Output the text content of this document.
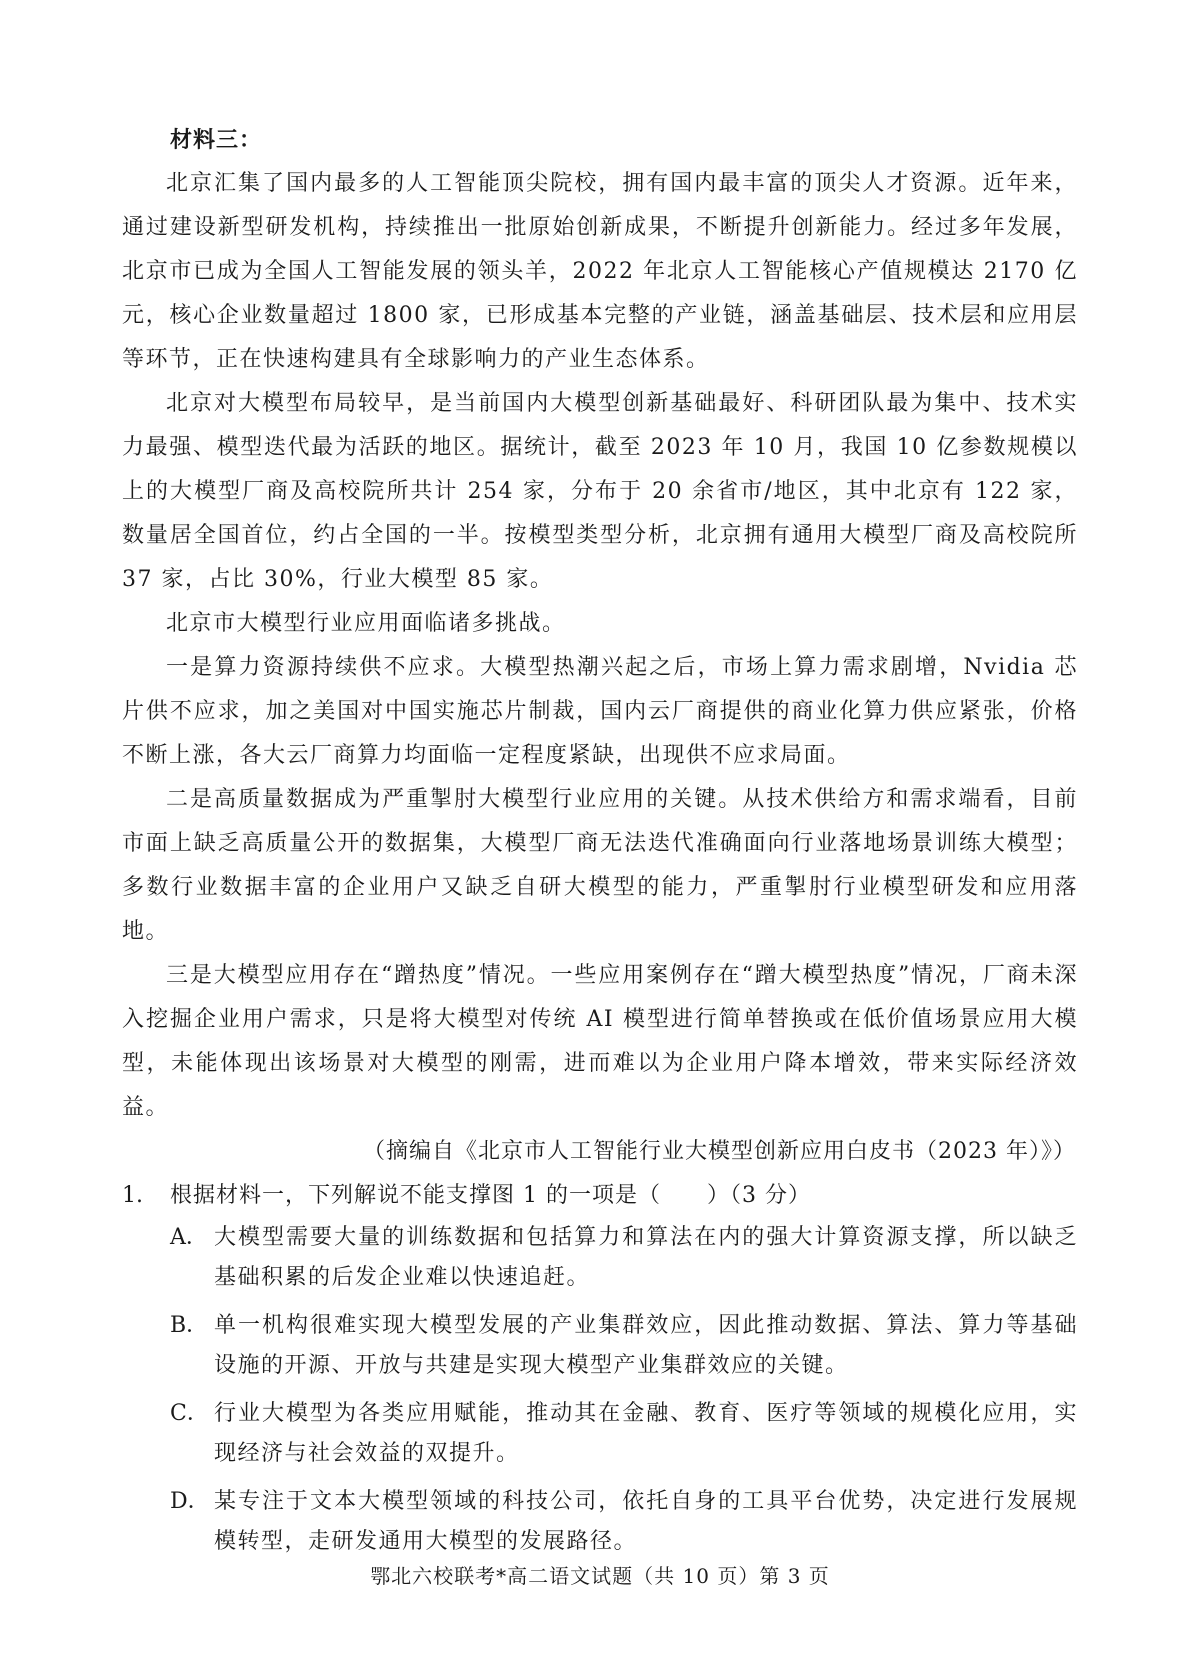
材料三：

北京汇集了国内最多的人工智能顶尖院校，拥有国内最丰富的顶尖人才资源。近年来，通过建设新型研发机构，持续推出一批原始创新成果，不断提升创新能力。经过多年发展，北京市已成为全国人工智能发展的领头羊，2022 年北京人工智能核心产值规模达 2170 亿元，核心企业数量超过 1800 家，已形成基本完整的产业链，涵盖基础层、技术层和应用层等环节，正在快速构建具有全球影响力的产业生态体系。

北京对大模型布局较早，是当前国内大模型创新基础最好、科研团队最为集中、技术实力最强、模型迭代最为活跃的地区。据统计，截至 2023 年 10 月，我国 10 亿参数规模以上的大模型厂商及高校院所共计 254 家，分布于 20 余省市/地区，其中北京有 122 家，数量居全国首位，约占全国的一半。按模型类型分析，北京拥有通用大模型厂商及高校院所 37 家，占比 30%，行业大模型 85 家。

北京市大模型行业应用面临诸多挑战。

一是算力资源持续供不应求。大模型热潮兴起之后，市场上算力需求剧增，Nvidia 芯片供不应求，加之美国对中国实施芯片制裁，国内云厂商提供的商业化算力供应紧张，价格不断上涨，各大云厂商算力均面临一定程度紧缺，出现供不应求局面。

二是高质量数据成为严重掣肘大模型行业应用的关键。从技术供给方和需求端看，目前市面上缺乏高质量公开的数据集，大模型厂商无法迭代准确面向行业落地场景训练大模型；多数行业数据丰富的企业用户又缺乏自研大模型的能力，严重掣肘行业模型研发和应用落地。

三是大模型应用存在“蹭热度”情况。一些应用案例存在“蹭大模型热度”情况，厂商未深入挖掘企业用户需求，只是将大模型对传统 AI 模型进行简单替换或在低价值场景应用大模型，未能体现出该场景对大模型的刚需，进而难以为企业用户降本增效，带来实际经济效益。

（摘编自《北京市人工智能行业大模型创新应用白皮书（2023 年）》）

1.	根据材料一，下列解说不能支撑图 1 的一项是（　　）（3 分）
A． 大模型需要大量的训练数据和包括算力和算法在内的强大计算资源支撑，所以缺乏基础积累的后发企业难以快速追赶。
B． 单一机构很难实现大模型发展的产业集群效应，因此推动数据、算法、算力等基础设施的开源、开放与共建是实现大模型产业集群效应的关键。
C． 行业大模型为各类应用赋能，推动其在金融、教育、医疗等领域的规模化应用，实现经济与社会效益的双提升。
D． 某专注于文本大模型领域的科技公司，依托自身的工具平台优势，决定进行发展规模转型，走研发通用大模型的发展路径。
鄂北六校联考*高二语文试题（共 10 页）第 3 页
